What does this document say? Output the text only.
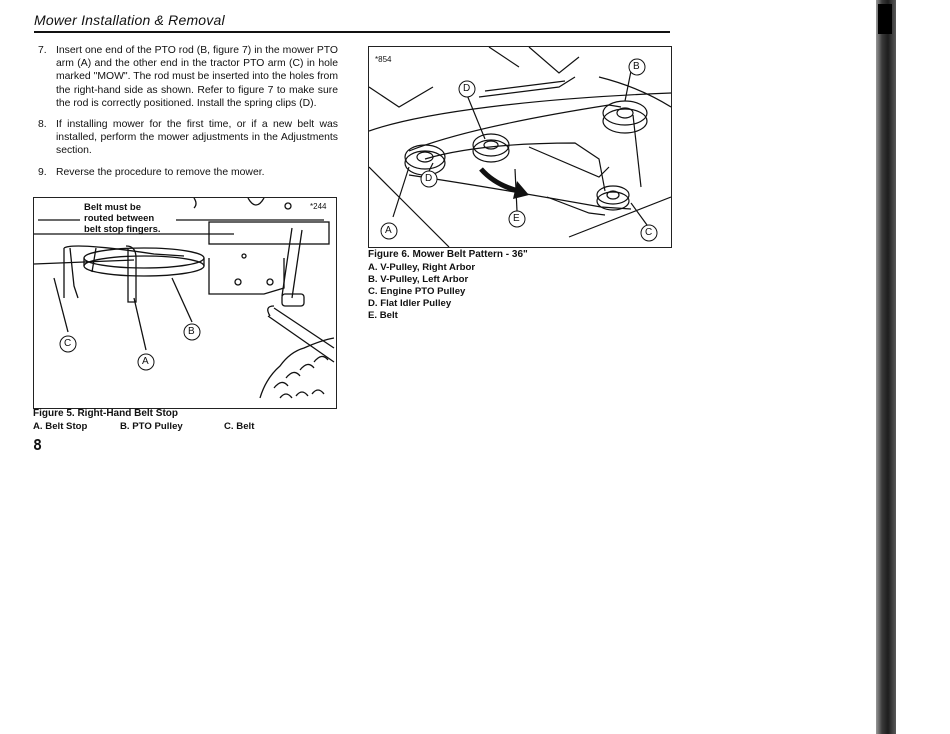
Mower Installation & Removal
7. Insert one end of the PTO rod (B, figure 7) in the mower PTO arm (A) and the other end in the tractor PTO arm (C) in hole marked "MOW". The rod must be inserted into the holes from the right-hand side as shown. Refer to figure 7 to make sure the rod is correctly positioned. Install the spring clips (D).
8. If installing mower for the first time, or if a new belt was installed, perform the mower adjustments in the Adjustments section.
9. Reverse the procedure to remove the mower.
*244
Belt must be
routed between
belt stop fingers.
C
A
B
Figure 5. Right-Hand Belt Stop
A. Belt Stop	B. PTO Pulley	C. Belt
8
*854
D
B
D
E
A	C
Figure 6. Mower Belt Pattern - 36"
A. V-Pulley, Right Arbor
B. V-Pulley, Left Arbor
C. Engine PTO Pulley
D. Flat Idler Pulley
E. Belt
